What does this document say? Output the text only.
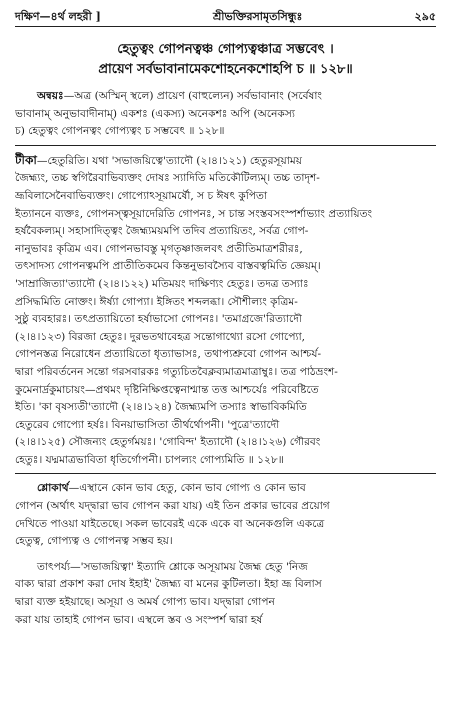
দক্ষিণ—৪র্থ লহরী ]	শ্রীভক্তিরসামৃতসিন্ধুঃ	২৯৫
হেতুত্বং গোপনত্বঞ্চ গোপ্যত্বঞ্চাত্র সম্ভবেৎ ।
প্রায়েণ সর্বভাবানামেকশোহনেকশোহপি চ ॥ ১২৮॥
অন্বয়ঃ—অত্র (অস্মিন্ স্থলে) প্রায়েণ (বাহুল্যেন) সর্বভাবানাং (সর্বেষাং
ভাবানাম্ অনুভাবাদীনাম্) একশঃ (একস্য) অনেকশঃ অপি (অনেকস্য
চ) হেতুত্বং গোপনত্বং গোপ্যত্বং চ সম্ভবেৎ ॥ ১২৮॥
টীকা—হেতুরিতি। যথা 'সভাজয়িত্বে'ত্যাদৌ (২।৪।১২১) হেতুরসূয়াময়
জৈহ্ম্যং, তচ্চ স্বগিরৈবাভিব্যক্তং দোষঃ স্যাদিতি মতিকৌটিল্যম্। তচ্চ তাদৃশ-
ভ্রূবিলাসেনৈবাভিব্যক্তং। গোপ্যোঽসূয়ামর্ষৌ, স চ ঈষৎ কুপিতা
ইত্যাননে ব্যক্তঃ, গোপনস্ত্বসূয়াদেরিতি গোপনঃ, স চান্ত সংস্তবসংস্পর্শাভ্যাং প্রত্যায়িতং
হর্ষবৈকল্যম্। সহাসাদিত্ত্বং জৈহ্ম্যময়মপি তদিব প্রত্যায়িতং, সর্বত্র গোপ-
নানুভাবঃ কৃত্রিম এব। গোপনভাবস্তু মৃগতৃষ্ণাজলবৎ প্রতীতিমাত্রশরীরঃ,
তৎসাদস্য গোপনত্বমপি প্রাতীতিকমেব কিন্তনুভাবস্যৈব বাস্তবত্বমিতি জ্ঞেয়ম্।
'সাম্রাজিত্যা'ত্যাদৌ (২।৪।১২২) মতিময়ং দাক্ষিণ্যং হেতুঃ। তদত্র তস্যাঃ
প্রসিদ্ধমিতি নোক্তং। ঈর্ষ্যা গোপ্যা। ইঙ্গিতং শব্দলব্ধা। সৌশীল্যং কৃত্রিম-
সুষ্ঠু ব্যবহারঃ। তৎপ্রত্যায়িতো হর্ষাভাসো গোপনঃ। 'তমাগ্রজে'রিত্যাদৌ
(২।৪।১২৩) বিরজা হেতুঃ। দুরভতথাবেহত্র সন্তোগাথ্যো রসো গোপ্যো,
গোপনস্তত্র নিরোধেন প্রত্যায়িতো ধৃত্যাভাসঃ, তথাপ্যশ্রুবো গোপন আশ্চর্য-
দ্বারা পরিবর্তনেন সন্তো গরসবারকঃ গত্যুচিতবৈক্লব্যমাত্রমাত্রাম্বুঃ। তত্র পাঠভ্রংশ-
কুমেনার্দ্রকুমাচায়ং—প্রথমং দৃষ্টিনিক্ষিপ্তত্বেনাশ্মান্ত তত্ত আশ্চর্যেঃ পরিবেষ্টিতে
ইতি। 'কা বৃষস্যতী'ত্যাদৌ (২।৪।১২৪) জৈহ্ম্যমপি তস্যাঃ স্বাভাবিকমিতি
হেতুরেব গোপ্যো হর্ষঃ। বিনয়াভাসিতা তীর্থর্থোপনী। 'পুত্রে'ত্যাদৌ
(২।৪।১২৫) সৌজন্যং হেতুর্গময়ঃ। 'গোবিন্দ' ইত্যাদৌ (২।৪।১২৬) গৌরবং
হেতুঃ। যদ্মমাত্রভাবিতা ধৃতির্গোপনী। চাপল্যং গোপ্যমিতি ॥ ১২৮॥
শ্লোকার্থ—এস্থানে কোন ভাব হেতু, কোন ভাব গোপ্য ও কোন ভাব
গোপন (অর্থাৎ যদ্দ্বারা ভাব গোপন করা যায়) এই তিন প্রকার ভাবের প্রয়োগ
দেখিতে পাওয়া যাইতেছে। সকল ভাবেরই একে একে বা অনেকগুলি একত্রে
হেতুত্ব, গোপ্যত্ব ও গোপনত্ব সম্ভব হয়।
তাৎপর্য্য—'সভাজয়িত্বা' ইত্যাদি শ্লোকে অসূয়াময় জৈহ্ম হেতু 'নিজ
বাক্য দ্বারা প্রকাশ করা দোষ ইহাই' জৈহ্ম্য বা মনের কুটিলতা। ইহা ভ্রূ বিলাস
দ্বারা ব্যক্ত হইয়াছে। অসূয়া ও অমর্ষ গোপ্য ভাব। যদ্দ্বারা গোপন
করা যায় তাহাই গোপন ভাব। এস্থলে স্তব ও সংস্পর্শ দ্বারা হর্ষ
